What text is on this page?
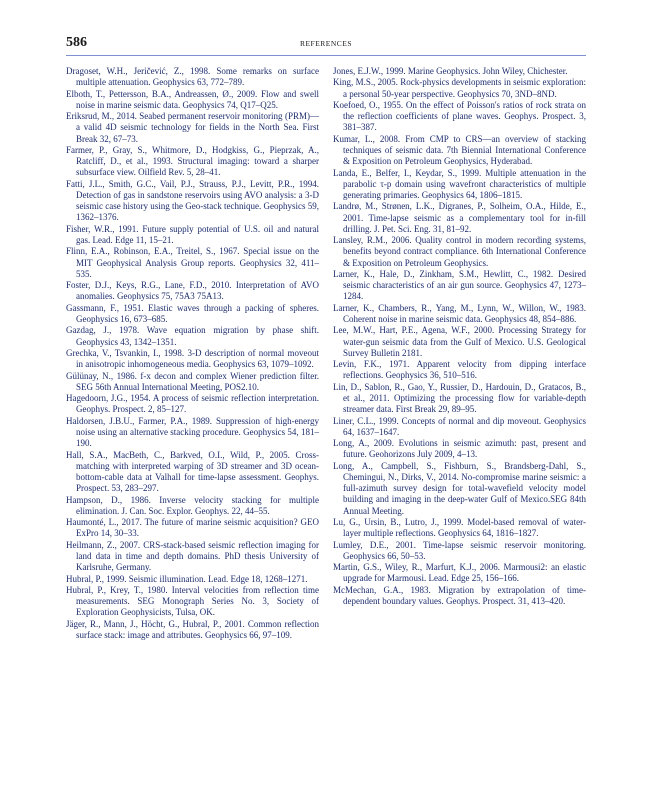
586	REFERENCES

Dragoset, W.H., Jeričević, Z., 1998. Some remarks on surface multiple attenuation. Geophysics 63, 772–789.

Elboth, T., Pettersson, B.A., Andreassen, Ø., 2009. Flow and swell noise in marine seismic data. Geophysics 74, Q17–Q25.

Eriksrud, M., 2014. Seabed permanent reservoir monitoring (PRM)—a valid 4D seismic technology for fields in the North Sea. First Break 32, 67–73.

Farmer, P., Gray, S., Whitmore, D., Hodgkiss, G., Pieprzak, A., Ratcliff, D., et al., 1993. Structural imaging: toward a sharper subsurface view. Oilfield Rev. 5, 28–41.

Fatti, J.L., Smith, G.C., Vail, P.J., Strauss, P.J., Levitt, P.R., 1994. Detection of gas in sandstone reservoirs using AVO analysis: a 3-D seismic case history using the Geo-stack technique. Geophysics 59, 1362–1376.

Fisher, W.R., 1991. Future supply potential of U.S. oil and natural gas. Lead. Edge 11, 15–21.

Flinn, E.A., Robinson, E.A., Treitel, S., 1967. Special issue on the MIT Geophysical Analysis Group reports. Geophysics 32, 411–535.

Foster, D.J., Keys, R.G., Lane, F.D., 2010. Interpretation of AVO anomalies. Geophysics 75, 75A3 75A13.

Gassmann, F., 1951. Elastic waves through a packing of spheres. Geophysics 16, 673–685.

Gazdag, J., 1978. Wave equation migration by phase shift. Geophysics 43, 1342–1351.

Grechka, V., Tsvankin, I., 1998. 3-D description of normal moveout in anisotropic inhomogeneous media. Geophysics 63, 1079–1092.

Gülünay, N., 1986. f-x decon and complex Wiener prediction filter. SEG 56th Annual International Meeting, POS2.10.

Hagedoorn, J.G., 1954. A process of seismic reflection interpretation. Geophys. Prospect. 2, 85–127.

Haldorsen, J.B.U., Farmer, P.A., 1989. Suppression of high-energy noise using an alternative stacking procedure. Geophysics 54, 181–190.

Hall, S.A., MacBeth, C., Barkved, O.I., Wild, P., 2005. Cross-matching with interpreted warping of 3D streamer and 3D ocean-bottom-cable data at Valhall for time-lapse assessment. Geophys. Prospect. 53, 283–297.

Hampson, D., 1986. Inverse velocity stacking for multiple elimination. J. Can. Soc. Explor. Geophys. 22, 44–55.

Haumonté, L., 2017. The future of marine seismic acquisition? GEO ExPro 14, 30–33.

Heilmann, Z., 2007. CRS-stack-based seismic reflection imaging for land data in time and depth domains. PhD thesis University of Karlsruhe, Germany.

Hubral, P., 1999. Seismic illumination. Lead. Edge 18, 1268–1271.

Hubral, P., Krey, T., 1980. Interval velocities from reflection time measurements. SEG Monograph Series No. 3, Society of Exploration Geophysicists, Tulsa, OK.

Jäger, R., Mann, J., Höcht, G., Hubral, P., 2001. Common reflection surface stack: image and attributes. Geophysics 66, 97–109.

Jones, E.J.W., 1999. Marine Geophysics. John Wiley, Chichester.

King, M.S., 2005. Rock-physics developments in seismic exploration: a personal 50-year perspective. Geophysics 70, 3ND–8ND.

Koefoed, O., 1955. On the effect of Poisson's ratios of rock strata on the reflection coefficients of plane waves. Geophys. Prospect. 3, 381–387.

Kumar, L., 2008. From CMP to CRS—an overview of stacking techniques of seismic data. 7th Biennial International Conference & Exposition on Petroleum Geophysics, Hyderabad.

Landa, E., Belfer, I., Keydar, S., 1999. Multiple attenuation in the parabolic τ-p domain using wavefront characteristics of multiple generating primaries. Geophysics 64, 1806–1815.

Landrø, M., Strønen, L.K., Digranes, P., Solheim, O.A., Hilde, E., 2001. Time-lapse seismic as a complementary tool for in-fill drilling. J. Pet. Sci. Eng. 31, 81–92.

Lansley, R.M., 2006. Quality control in modern recording systems, benefits beyond contract compliance. 6th International Conference & Exposition on Petroleum Geophysics.

Larner, K., Hale, D., Zinkham, S.M., Hewlitt, C., 1982. Desired seismic characteristics of an air gun source. Geophysics 47, 1273–1284.

Larner, K., Chambers, R., Yang, M., Lynn, W., Willon, W., 1983. Coherent noise in marine seismic data. Geophysics 48, 854–886.

Lee, M.W., Hart, P.E., Agena, W.F., 2000. Processing Strategy for water-gun seismic data from the Gulf of Mexico. U.S. Geological Survey Bulletin 2181.

Levin, F.K., 1971. Apparent velocity from dipping interface reflections. Geophysics 36, 510–516.

Lin, D., Sablon, R., Gao, Y., Russier, D., Hardouin, D., Gratacos, B., et al., 2011. Optimizing the processing flow for variable-depth streamer data. First Break 29, 89–95.

Liner, C.L., 1999. Concepts of normal and dip moveout. Geophysics 64, 1637–1647.

Long, A., 2009. Evolutions in seismic azimuth: past, present and future. Geohorizons July 2009, 4–13.

Long, A., Campbell, S., Fishburn, S., Brandsberg-Dahl, S., Chemingui, N., Dirks, V., 2014. No-compromise marine seismic: a full-azimuth survey design for total-wavefield velocity model building and imaging in the deep-water Gulf of Mexico.SEG 84th Annual Meeting.

Lu, G., Ursin, B., Lutro, J., 1999. Model-based removal of water-layer multiple reflections. Geophysics 64, 1816–1827.

Lumley, D.E., 2001. Time-lapse seismic reservoir monitoring. Geophysics 66, 50–53.

Martin, G.S., Wiley, R., Marfurt, K.J., 2006. Marmousi2: an elastic upgrade for Marmousi. Lead. Edge 25, 156–166.

McMechan, G.A., 1983. Migration by extrapolation of time-dependent boundary values. Geophys. Prospect. 31, 413–420.
